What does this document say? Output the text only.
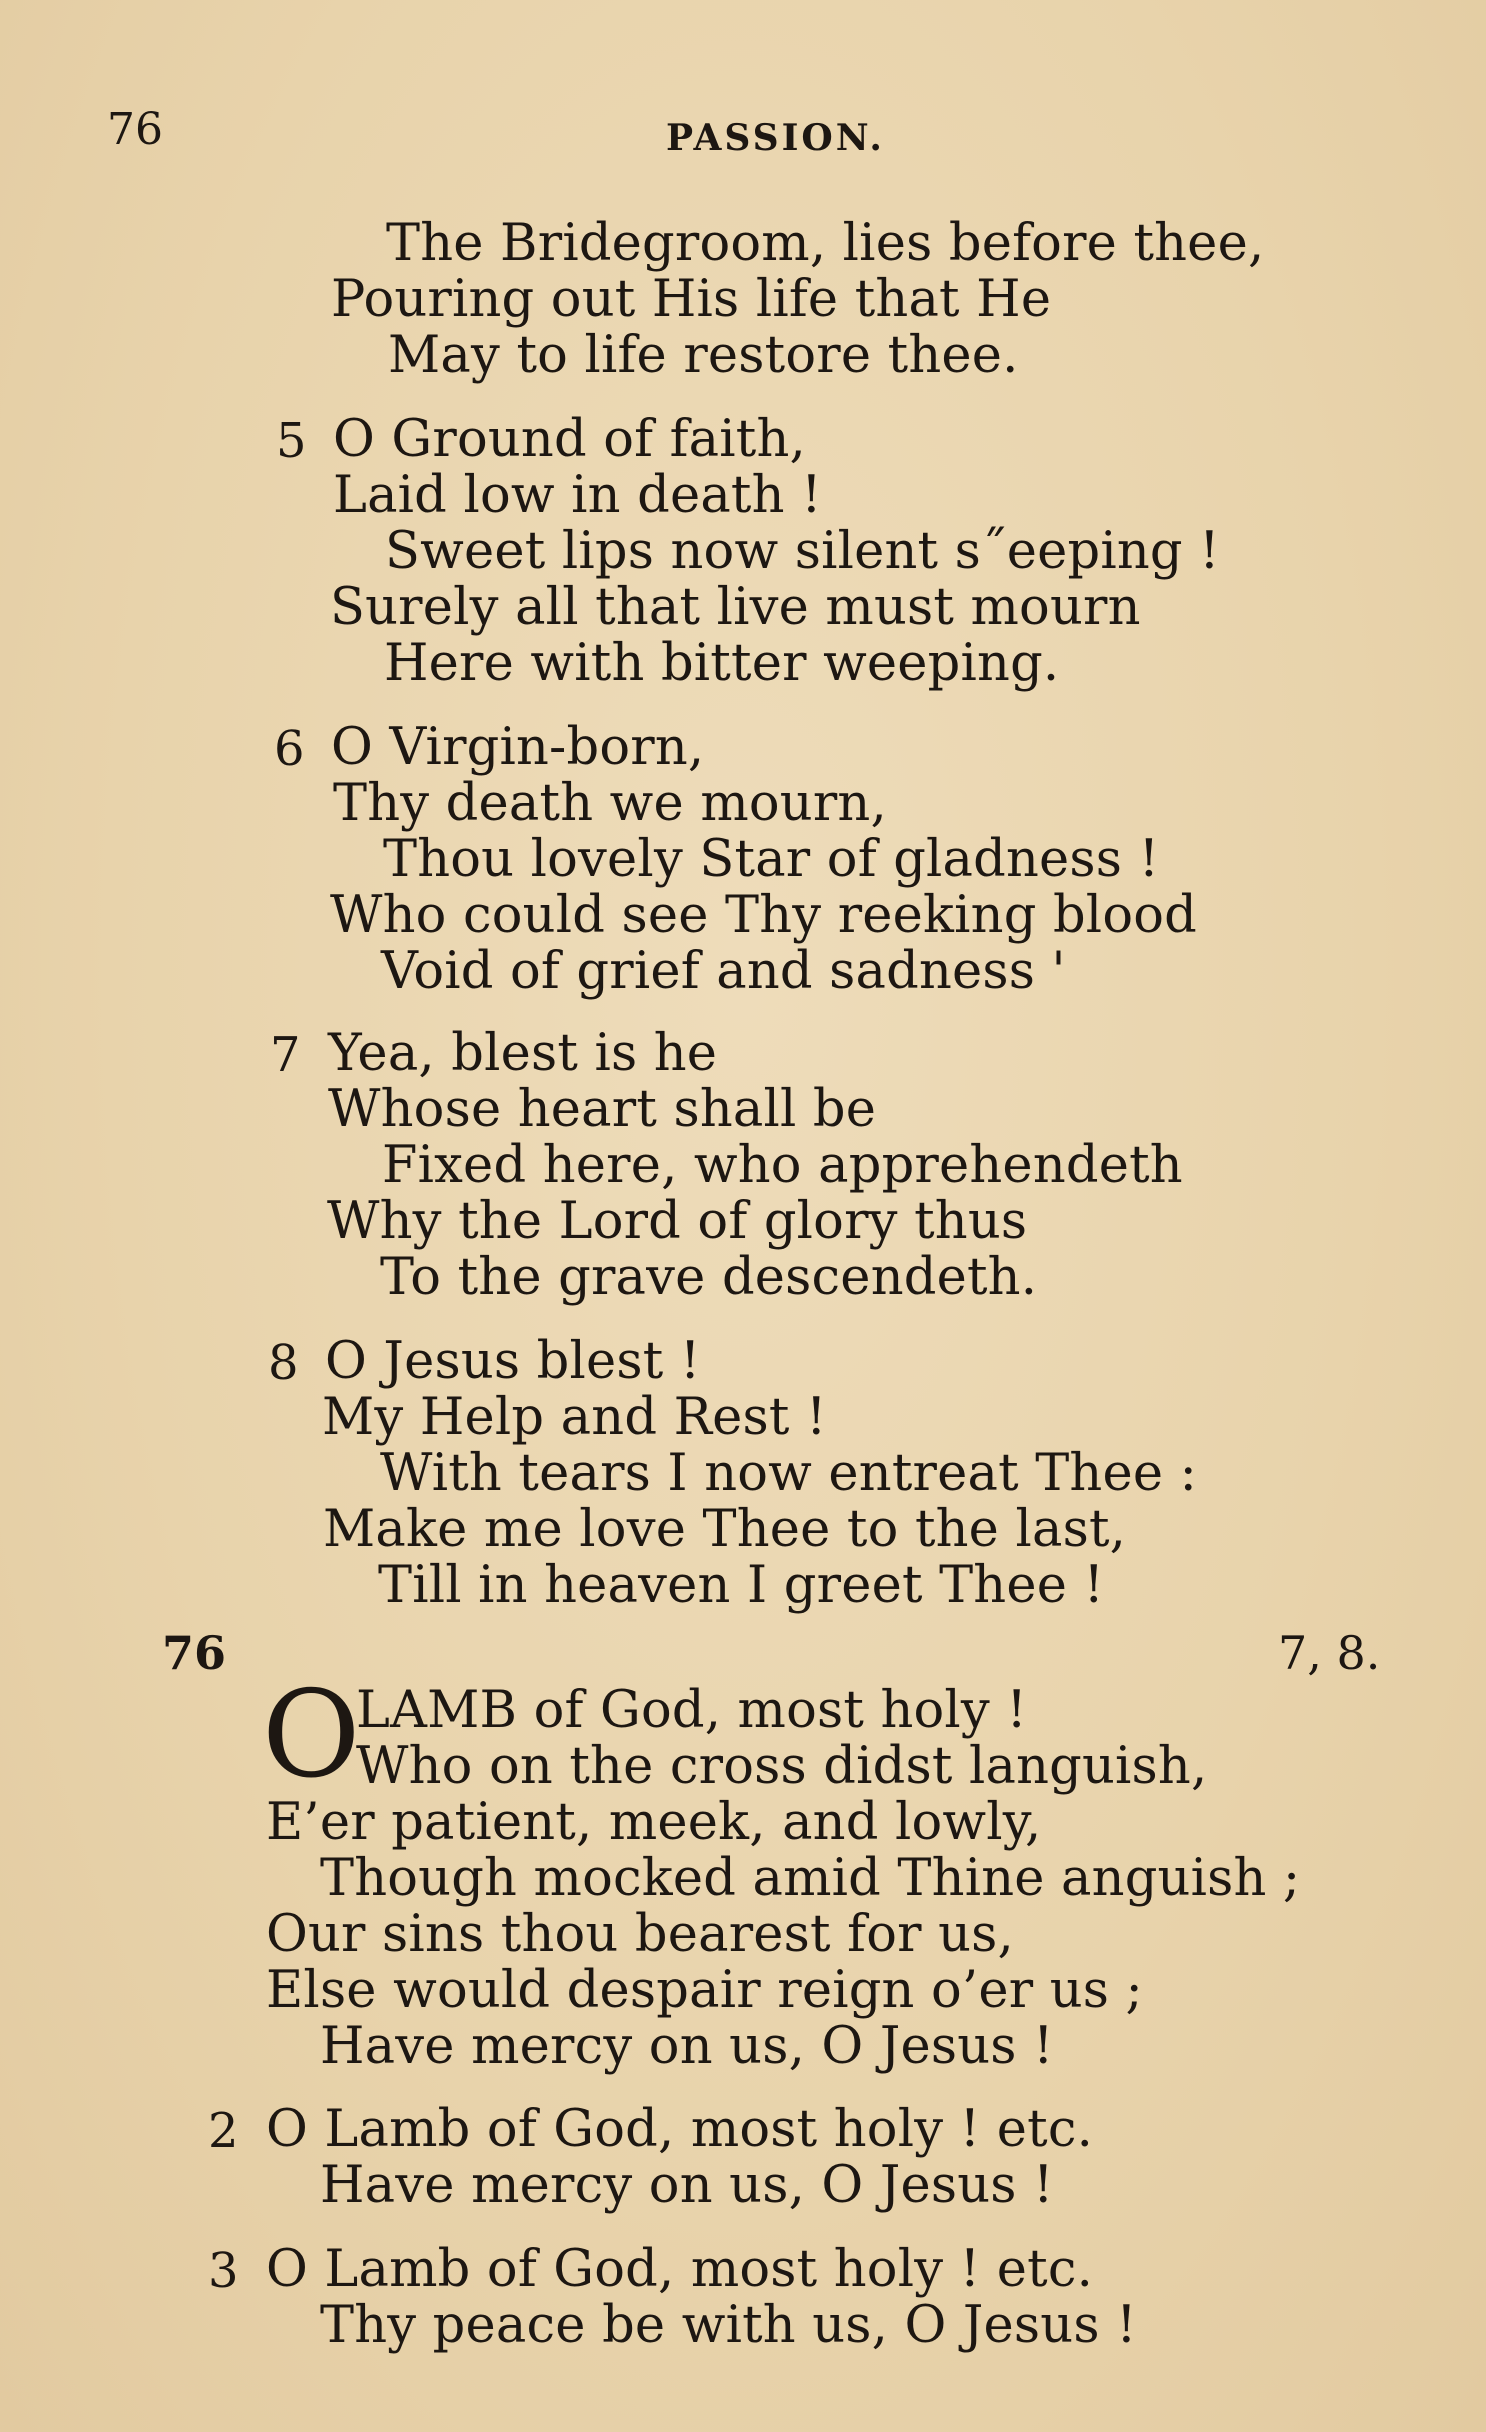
76	PASSION.
The Bridegroom, lies before thee,
Pouring out His life that He
May to life restore thee.
5 O Ground of faith,
Laid low in death !
Sweet lips now silent s˝eeping !
Surely all that live must mourn
Here with bitter weeping.
6 O Virgin-born,
Thy death we mourn,
Thou lovely Star of gladness !
Who could see Thy reeking blood
Void of grief and sadness '
7 Yea, blest is he
Whose heart shall be
Fixed here, who apprehendeth
Why the Lord of glory thus
To the grave descendeth.
8 O Jesus blest !
My Help and Rest !
With tears I now entreat Thee :
Make me love Thee to the last,
Till in heaven I greet Thee !
76	7, 8.
O
LAMB of God, most holy !
Who on the cross didst languish,
E’er patient, meek, and lowly,
Though mocked amid Thine anguish ;
Our sins thou bearest for us,
Else would despair reign o’er us ;
Have mercy on us, O Jesus !
2 O Lamb of God, most holy ! etc.
Have mercy on us, O Jesus !
3 O Lamb of God, most holy ! etc.
Thy peace be with us, O Jesus !
